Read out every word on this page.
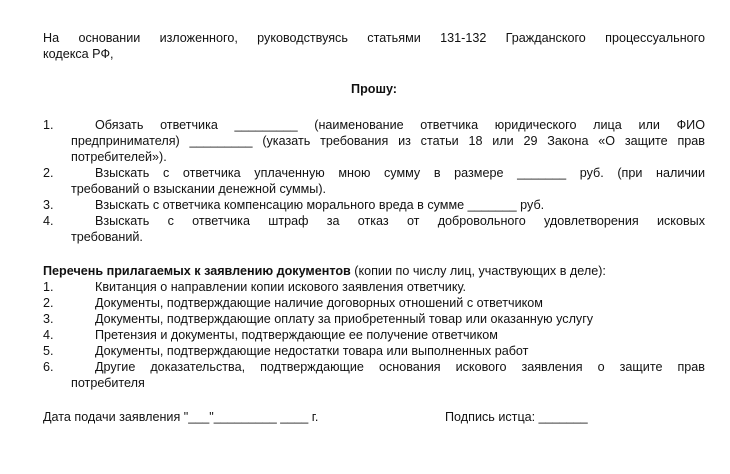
На основании изложенного, руководствуясь статьями 131-132 Гражданского процессуального
кодекса РФ,
Прошу:
1.	Обязать ответчика _________ (наименование ответчика юридического лица или ФИО
предпринимателя) _________ (указать требования из статьи 18 или 29 Закона «О защите прав
потребителей»).
2.	Взыскать с ответчика уплаченную мною сумму в размере _______ руб. (при наличии
требований о взыскании денежной суммы).
3.	Взыскать с ответчика компенсацию морального вреда в сумме _______ руб.
4.	Взыскать с ответчика штраф за отказ от добровольного удовлетворения исковых
требований.
Перечень прилагаемых к заявлению документов (копии по числу лиц, участвующих в деле):
1.	Квитанция о направлении копии искового заявления ответчику.
2.	Документы, подтверждающие наличие договорных отношений с ответчиком
3.	Документы, подтверждающие оплату за приобретенный товар или оказанную услугу
4.	Претензия и документы, подтверждающие ее получение ответчиком
5.	Документы, подтверждающие недостатки товара или выполненных работ
6.	Другие доказательства, подтверждающие основания искового заявления о защите прав
потребителя
Дата подачи заявления "___"_________ ____ г.	Подпись истца: _______
